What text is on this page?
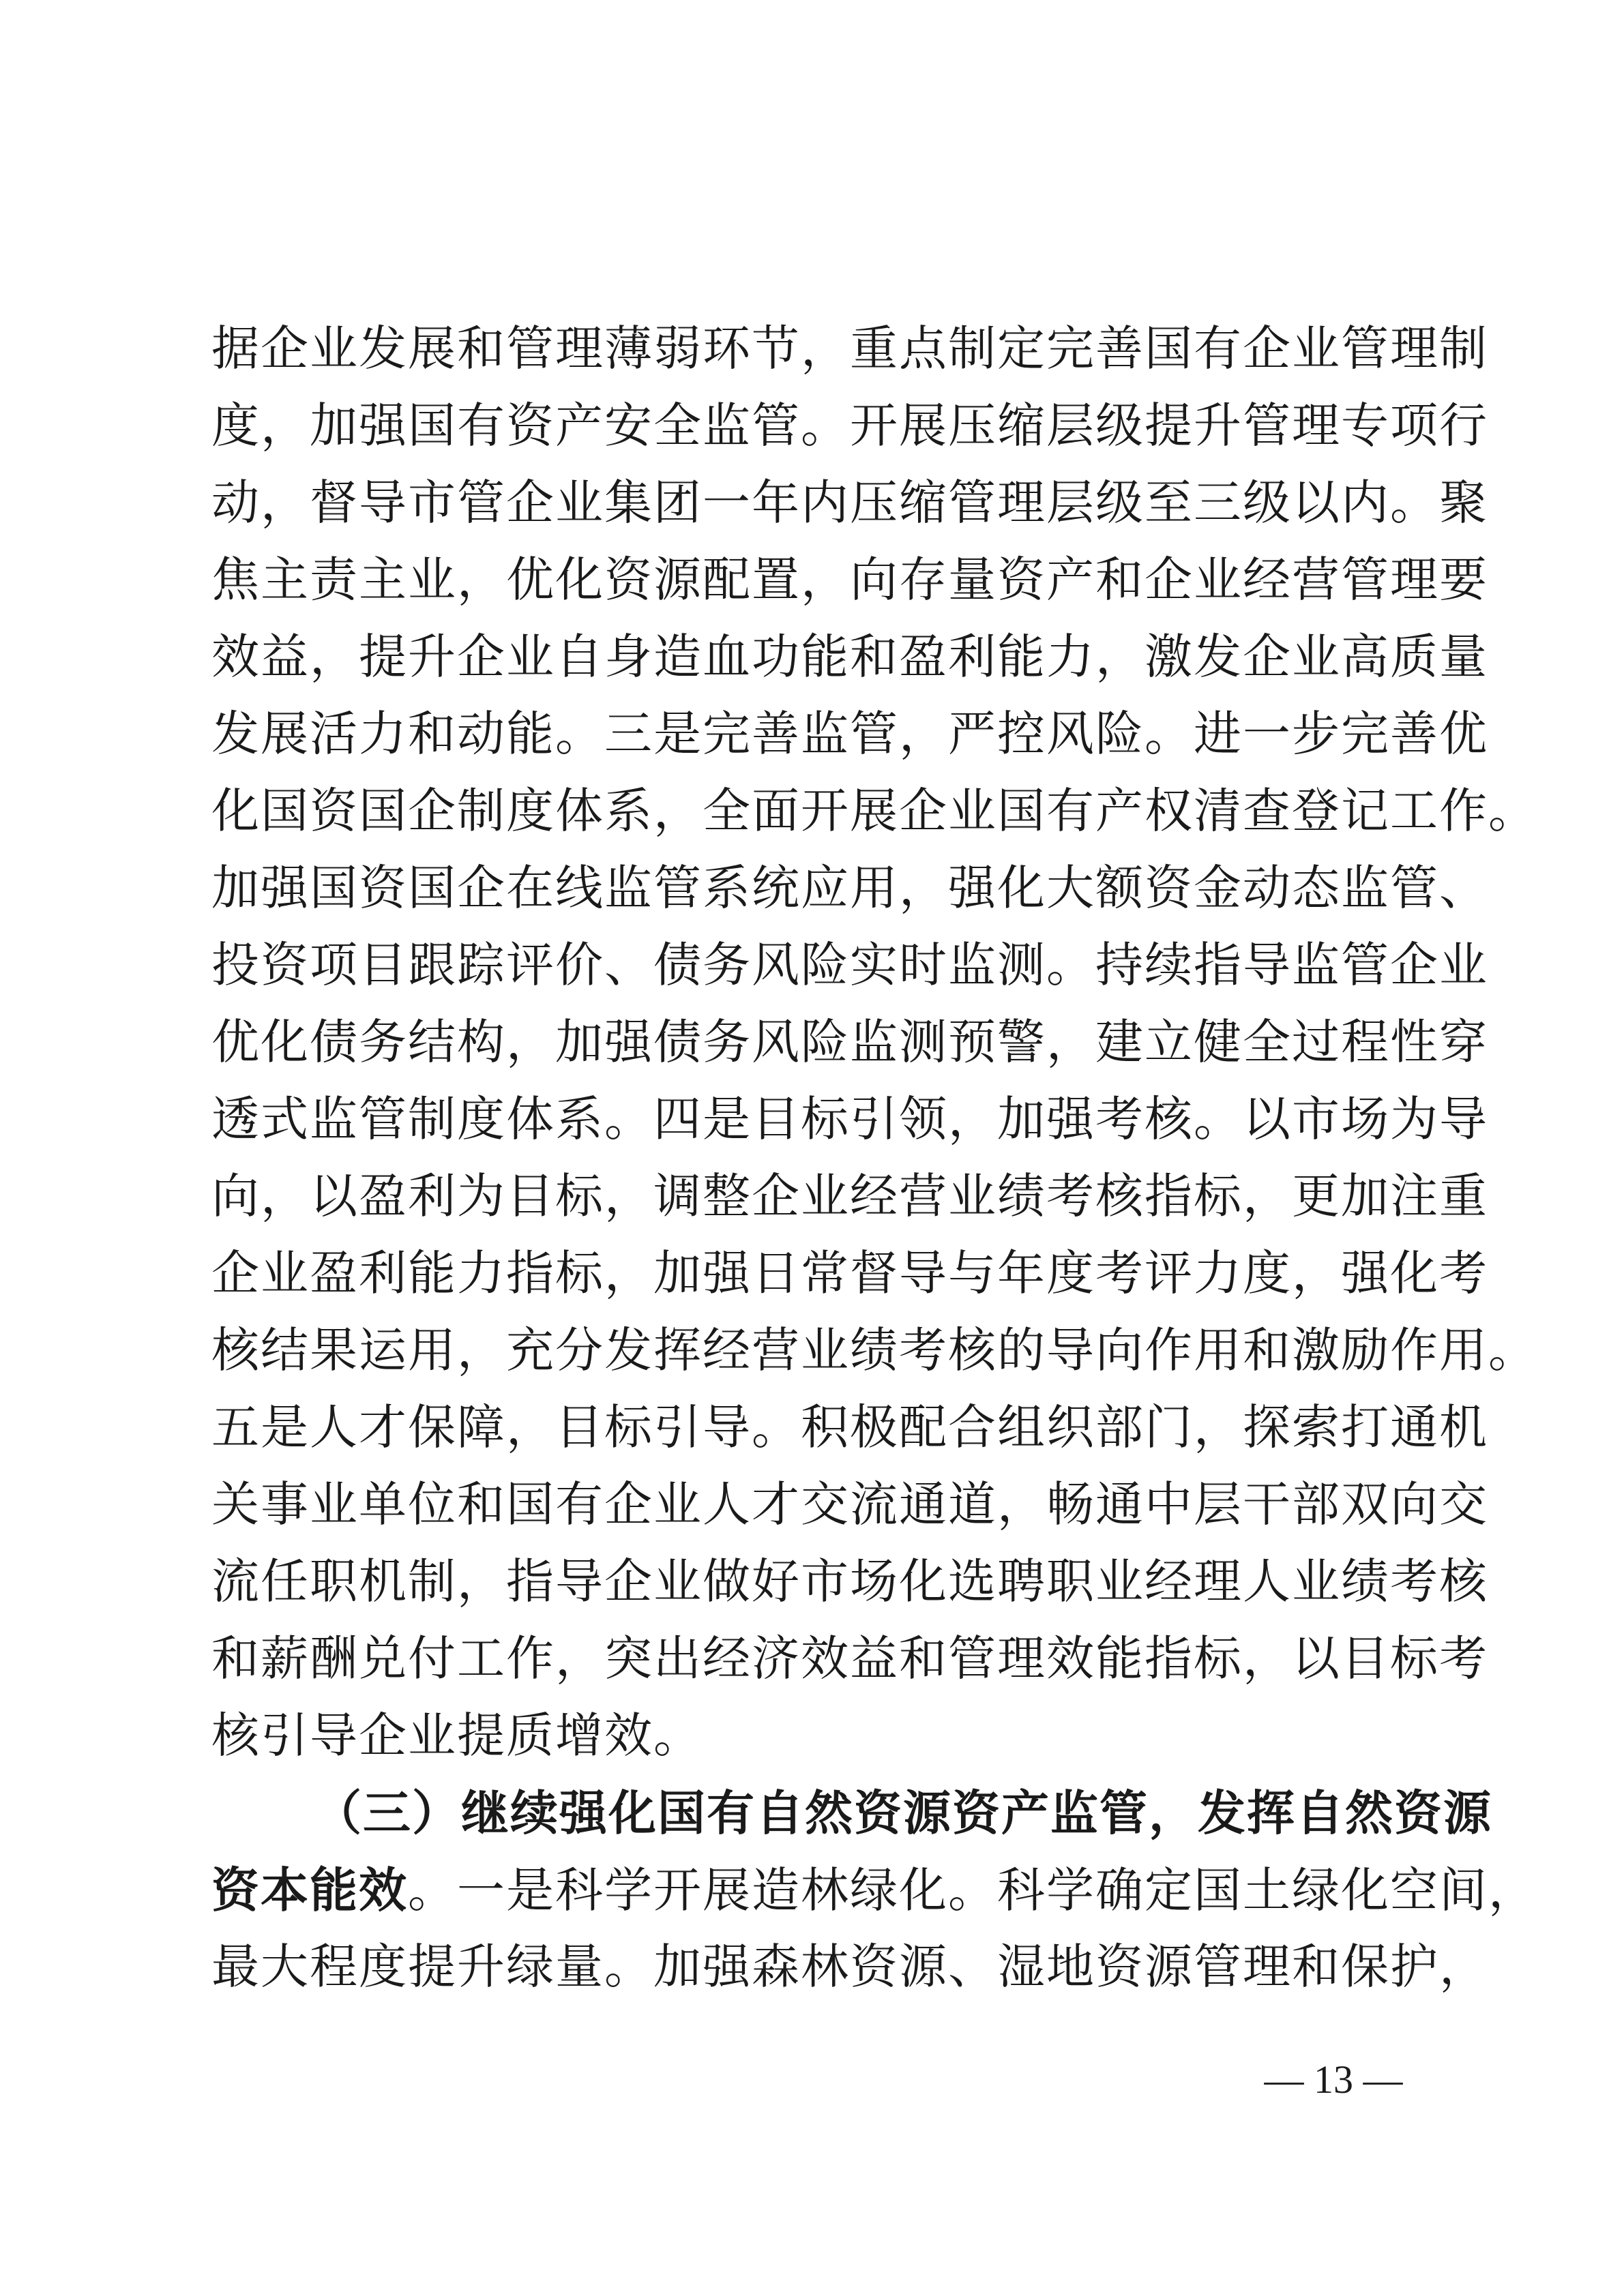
据企业发展和管理薄弱环节，重点制定完善国有企业管理制
度，加强国有资产安全监管。开展压缩层级提升管理专项行
动，督导市管企业集团一年内压缩管理层级至三级以内。聚
焦主责主业，优化资源配置，向存量资产和企业经营管理要
效益，提升企业自身造血功能和盈利能力，激发企业高质量
发展活力和动能。三是完善监管，严控风险。进一步完善优
化国资国企制度体系，全面开展企业国有产权清查登记工作。
加强国资国企在线监管系统应用，强化大额资金动态监管、
投资项目跟踪评价、债务风险实时监测。持续指导监管企业
优化债务结构，加强债务风险监测预警，建立健全过程性穿
透式监管制度体系。四是目标引领，加强考核。以市场为导
向，以盈利为目标，调整企业经营业绩考核指标，更加注重
企业盈利能力指标，加强日常督导与年度考评力度，强化考
核结果运用，充分发挥经营业绩考核的导向作用和激励作用。
五是人才保障，目标引导。积极配合组织部门，探索打通机
关事业单位和国有企业人才交流通道，畅通中层干部双向交
流任职机制，指导企业做好市场化选聘职业经理人业绩考核
和薪酬兑付工作，突出经济效益和管理效能指标，以目标考
核引导企业提质增效。
（三）继续强化国有自然资源资产监管，发挥自然资源
资本能效。一是科学开展造林绿化。科学确定国土绿化空间，
最大程度提升绿量。加强森林资源、湿地资源管理和保护，
— 13 —
